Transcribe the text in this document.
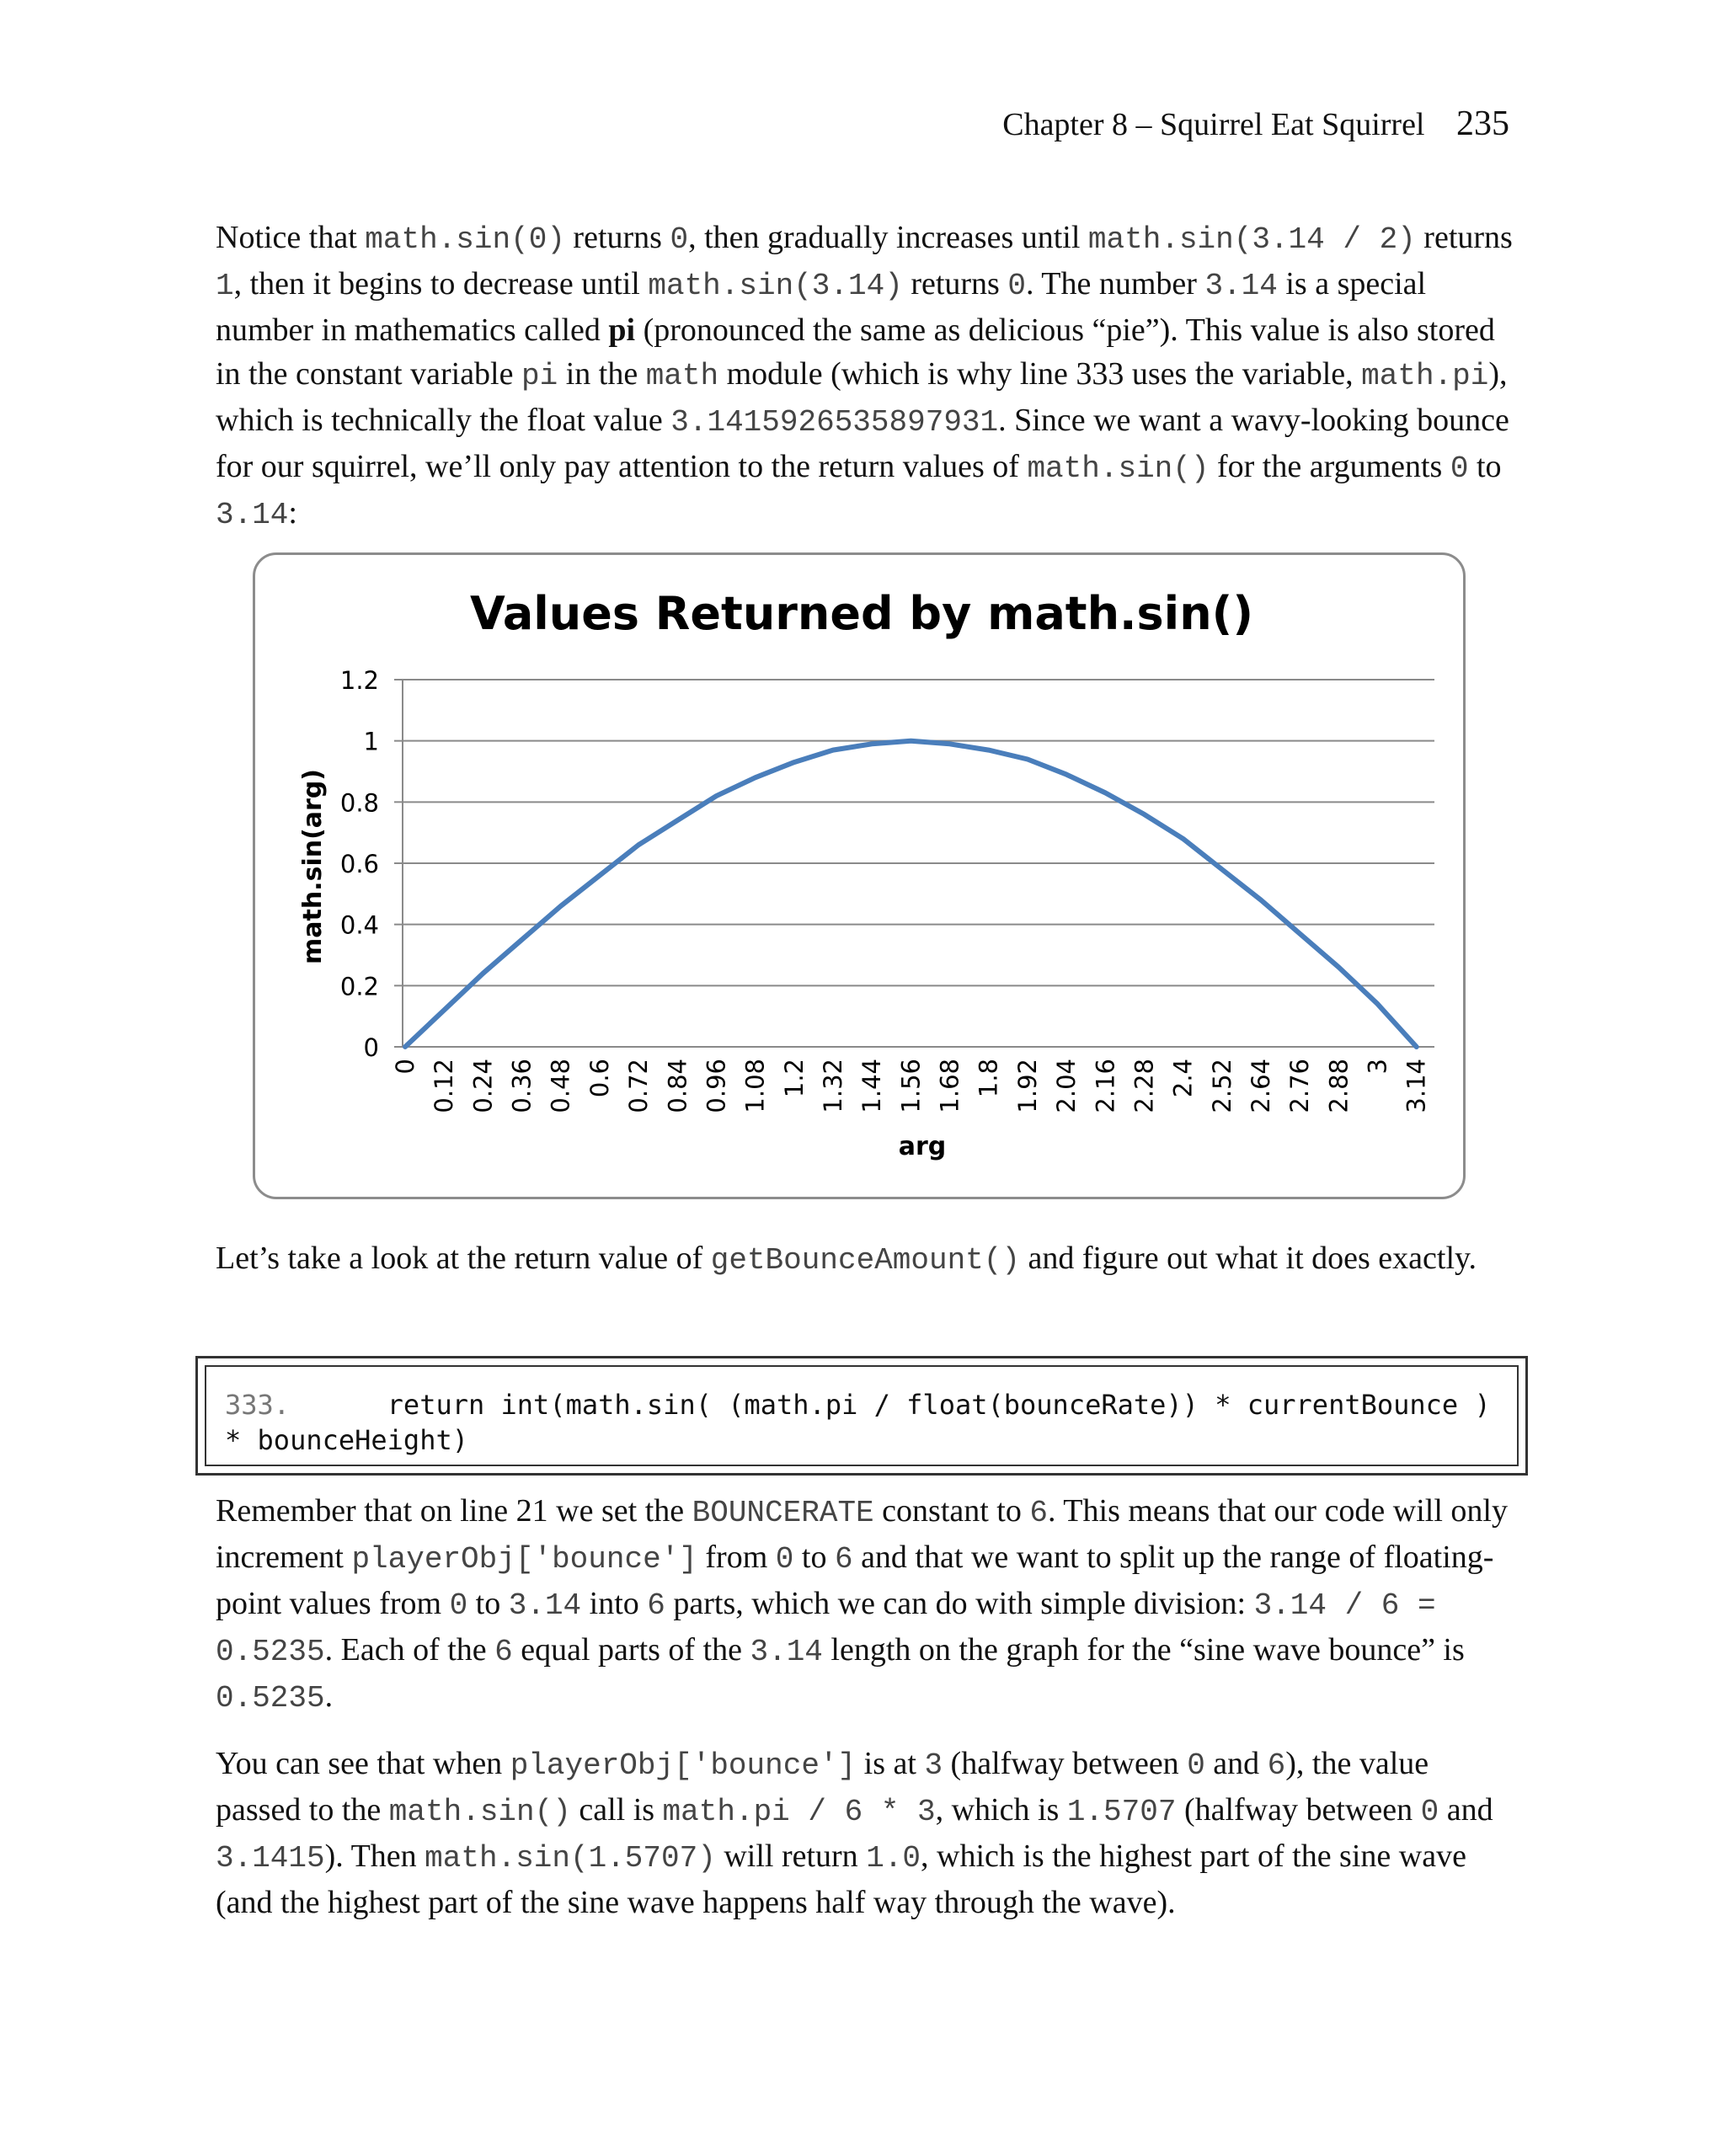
Chapter 8 – Squirrel Eat Squirrel 235

Notice that math.sin(0) returns 0, then gradually increases until math.sin(3.14 / 2) returns 1, then it begins to decrease until math.sin(3.14) returns 0. The number 3.14 is a special number in mathematics called pi (pronounced the same as delicious “pie”). This value is also stored in the constant variable pi in the math module (which is why line 333 uses the variable, math.pi), which is technically the float value 3.1415926535897931. Since we want a wavy-looking bounce for our squirrel, we’ll only pay attention to the return values of math.sin() for the arguments 0 to 3.14:

Values Returned by math.sin()
0
0.2
0.4
0.6
0.8
1
1.2
0 0.12 0.24 0.36 0.48 0.6 0.72 0.84 0.96 1.08 1.2 1.32 1.44 1.56 1.68 1.8 1.92 2.04 2.16 2.28 2.4 2.52 2.64 2.76 2.88 3 3.14
math.sin(arg)
arg

Let’s take a look at the return value of getBounceAmount() and figure out what it does exactly.

333.      return int(math.sin( (math.pi / float(bounceRate)) * currentBounce ) * bounceHeight)

Remember that on line 21 we set the BOUNCERATE constant to 6. This means that our code will only increment playerObj['bounce'] from 0 to 6 and that we want to split up the range of floating-point values from 0 to 3.14 into 6 parts, which we can do with simple division: 3.14 / 6 = 0.5235. Each of the 6 equal parts of the 3.14 length on the graph for the “sine wave bounce” is 0.5235.

You can see that when playerObj['bounce'] is at 3 (halfway between 0 and 6), the value passed to the math.sin() call is math.pi / 6 * 3, which is 1.5707 (halfway between 0 and 3.1415). Then math.sin(1.5707) will return 1.0, which is the highest part of the sine wave (and the highest part of the sine wave happens half way through the wave).
